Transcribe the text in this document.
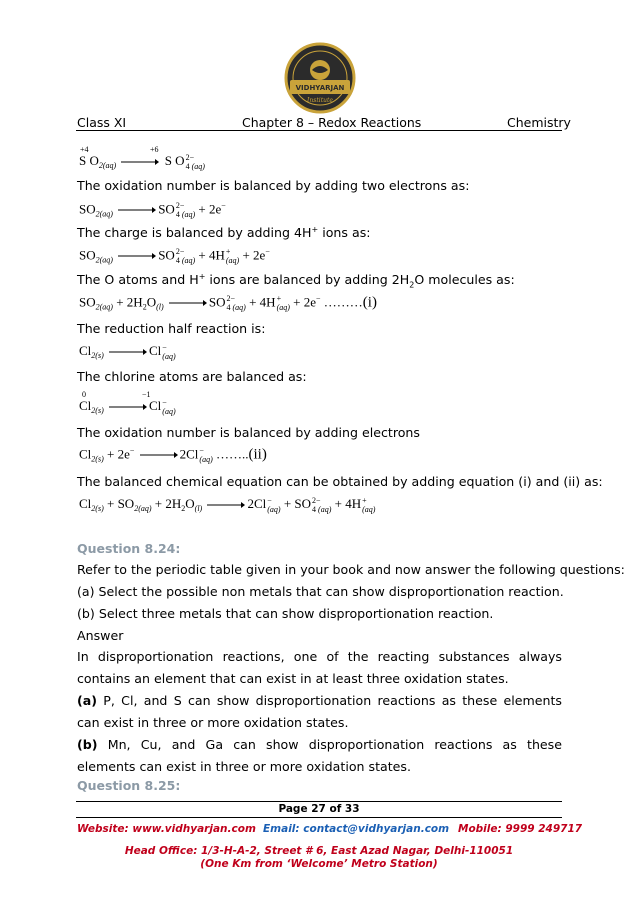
VIDHYARJAN
Institute
Class XI	Chapter 8 – Redox Reactions	Chemistry
+4	+6
S $O_{2(aq)}$	S O 2−
4 (aq)
The oxidation number is balanced by adding two electrons as:
$SO_{2(aq)}$	SO 2−
4 (aq) + 2e−
The charge is balanced by adding 4H+ ions as:
$SO_{2(aq)}$	SO 2−
4 (aq) + 4H +
(aq) + 2e−
The O atoms and H+ ions are balanced by adding $2H_2O$ molecules as:
$SO_{2(aq)} + 2H_2O_{(l)}$	SO 2−
4 (aq) + 4H +
(aq) + 2e− ………(i)
The reduction half reaction is:
$Cl_{2(s)}$	Cl −
(aq)
The chlorine atoms are balanced as:
0	−1
$Cl_{2(s)}$	Cl −
(aq)
The oxidation number is balanced by adding electrons
$Cl_{2(s)} + 2e^-$	2Cl −
(aq) ……..(ii)
The balanced chemical equation can be obtained by adding equation (i) and (ii) as:
$Cl_{2(s)} + SO_{2(aq)} + 2H_2O_{(l)}$	2Cl −
(aq) + SO 2−
4 (aq) + 4H +
(aq)
Question 8.24:
Refer to the periodic table given in your book and now answer the following questions:
(a) Select the possible non metals that can show disproportionation reaction.
(b) Select three metals that can show disproportionation reaction.
Answer
In disproportionation reactions, one of the reacting substances always contains an element that can exist in at least three oxidation states.
(a) P, Cl, and S can show disproportionation reactions as these elements can exist in three or more oxidation states.
(b) Mn, Cu, and Ga can show disproportionation reactions as these elements can exist in three or more oxidation states.
Question 8.25:
Page 27 of 33
Website: www.vidhyarjan.com Email: contact@vidhyarjan.com Mobile: 9999 249717
Head Office: 1/3-H-A-2, Street # 6, East Azad Nagar, Delhi-110051
(One Km from ‘Welcome’ Metro Station)
